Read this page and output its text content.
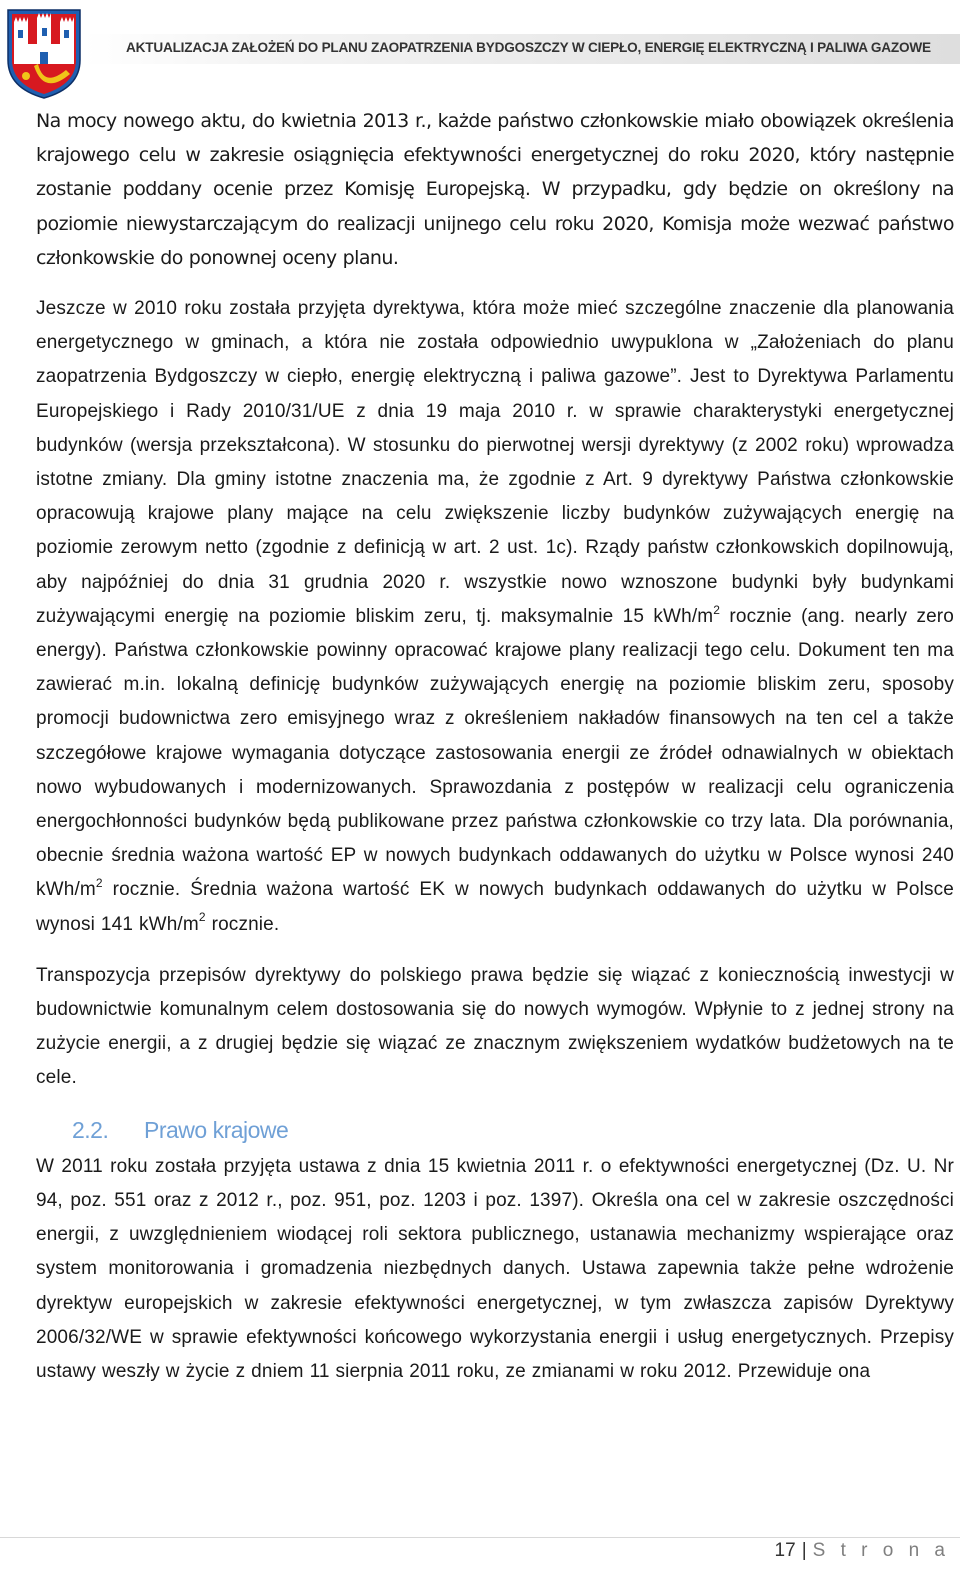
AKTUALIZACJA ZAŁOŻEŃ DO PLANU ZAOPATRZENIA BYDGOSZCZY W CIEPŁO, ENERGIĘ ELEKTRYCZNĄ I PALIWA GAZOWE

Na mocy nowego aktu, do kwietnia 2013 r., każde państwo członkowskie miało obowiązek określenia krajowego celu w zakresie osiągnięcia efektywności energetycznej do roku 2020, który następnie zostanie poddany ocenie przez Komisję Europejską. W przypadku, gdy będzie on określony na poziomie niewystarczającym do realizacji unijnego celu roku 2020, Komisja może wezwać państwo członkowskie do ponownej oceny planu.

Jeszcze w 2010 roku została przyjęta dyrektywa, która może mieć szczególne znaczenie dla planowania energetycznego w gminach, a która nie została odpowiednio uwypuklona w „Założeniach do planu zaopatrzenia Bydgoszczy w ciepło, energię elektryczną i paliwa gazowe”. Jest to Dyrektywa Parlamentu Europejskiego i Rady 2010/31/UE z dnia 19 maja 2010 r. w sprawie charakterystyki energetycznej budynków (wersja przekształcona). W stosunku do pierwotnej wersji dyrektywy (z 2002 roku) wprowadza istotne zmiany. Dla gminy istotne znaczenia ma, że zgodnie z Art. 9 dyrektywy Państwa członkowskie opracowują krajowe plany mające na celu zwiększenie liczby budynków zużywających energię na poziomie zerowym netto (zgodnie z definicją w art. 2 ust. 1c). Rządy państw członkowskich dopilnowują, aby najpóźniej do dnia 31 grudnia 2020 r. wszystkie nowo wznoszone budynki były budynkami zużywającymi energię na poziomie bliskim zeru, tj. maksymalnie 15 kWh/$m^2$ rocznie (ang. nearly zero energy). Państwa członkowskie powinny opracować krajowe plany realizacji tego celu. Dokument ten ma zawierać m.in. lokalną definicję budynków zużywających energię na poziomie bliskim zeru, sposoby promocji budownictwa zero emisyjnego wraz z określeniem nakładów finansowych na ten cel a także szczegółowe krajowe wymagania dotyczące zastosowania energii ze źródeł odnawialnych w obiektach nowo wybudowanych i modernizowanych. Sprawozdania z postępów w realizacji celu ograniczenia energochłonności budynków będą publikowane przez państwa członkowskie co trzy lata. Dla porównania, obecnie średnia ważona wartość EP w nowych budynkach oddawanych do użytku w Polsce wynosi 240 kWh/$m^2$ rocznie. Średnia ważona wartość EK w nowych budynkach oddawanych do użytku w Polsce wynosi 141 kWh/$m^2$ rocznie.

Transpozycja przepisów dyrektywy do polskiego prawa będzie się wiązać z koniecznością inwestycji w budownictwie komunalnym celem dostosowania się do nowych wymogów. Wpłynie to z jednej strony na zużycie energii, a z drugiej będzie się wiązać ze znacznym zwiększeniem wydatków budżetowych na te cele.

2.2. Prawo krajowe

W 2011 roku została przyjęta ustawa z dnia 15 kwietnia 2011 r. o efektywności energetycznej (Dz. U. Nr 94, poz. 551 oraz z 2012 r., poz. 951, poz. 1203 i poz. 1397). Określa ona cel w zakresie oszczędności energii, z uwzględnieniem wiodącej roli sektora publicznego, ustanawia mechanizmy wspierające oraz system monitorowania i gromadzenia niezbędnych danych. Ustawa zapewnia także pełne wdrożenie dyrektyw europejskich w zakresie efektywności energetycznej, w tym zwłaszcza zapisów Dyrektywy 2006/32/WE w sprawie efektywności końcowego wykorzystania energii i usług energetycznych. Przepisy ustawy weszły w życie z dniem 11 sierpnia 2011 roku, ze zmianami w roku 2012. Przewiduje ona

17 | S t r o n a
